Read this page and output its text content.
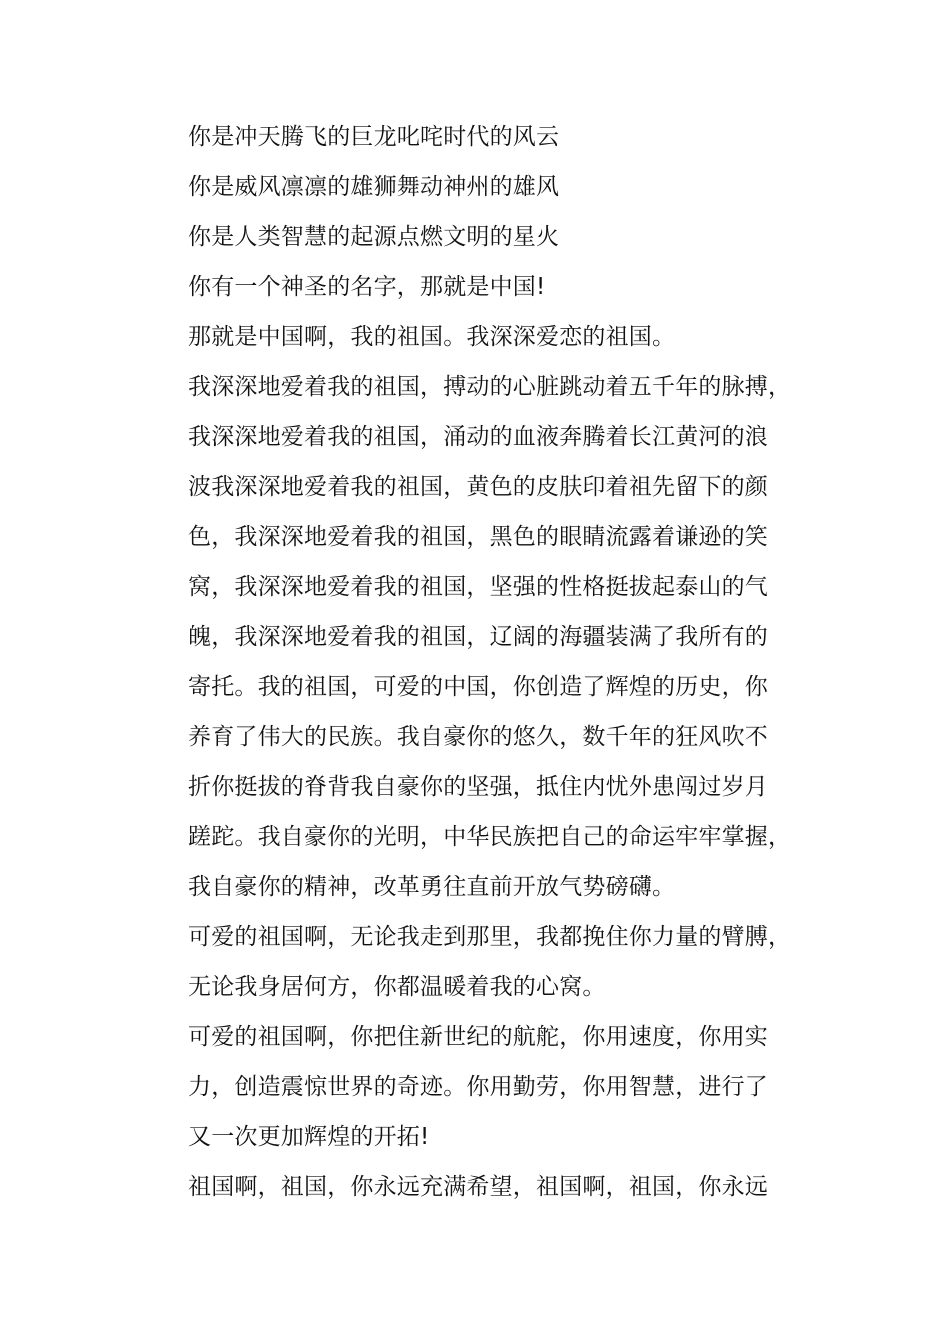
你是冲天腾飞的巨龙叱咤时代的风云
你是威风凛凛的雄狮舞动神州的雄风
你是人类智慧的起源点燃文明的星火
你有一个神圣的名字，那就是中国!
那就是中国啊，我的祖国。我深深爱恋的祖国。
我深深地爱着我的祖国，搏动的心脏跳动着五千年的脉搏，
我深深地爱着我的祖国，涌动的血液奔腾着长江黄河的浪
波我深深地爱着我的祖国，黄色的皮肤印着祖先留下的颜
色，我深深地爱着我的祖国，黑色的眼睛流露着谦逊的笑
窝，我深深地爱着我的祖国，坚强的性格挺拔起泰山的气
魄，我深深地爱着我的祖国，辽阔的海疆装满了我所有的
寄托。我的祖国，可爱的中国，你创造了辉煌的历史，你
养育了伟大的民族。我自豪你的悠久，数千年的狂风吹不
折你挺拔的脊背我自豪你的坚强，抵住内忧外患闯过岁月
蹉跎。我自豪你的光明，中华民族把自己的命运牢牢掌握，
我自豪你的精神，改革勇往直前开放气势磅礴。
可爱的祖国啊，无论我走到那里，我都挽住你力量的臂膊，
无论我身居何方，你都温暖着我的心窝。
可爱的祖国啊，你把住新世纪的航舵，你用速度，你用实
力，创造震惊世界的奇迹。你用勤劳，你用智慧，进行了
又一次更加辉煌的开拓!
祖国啊，祖国，你永远充满希望，祖国啊，祖国，你永远
